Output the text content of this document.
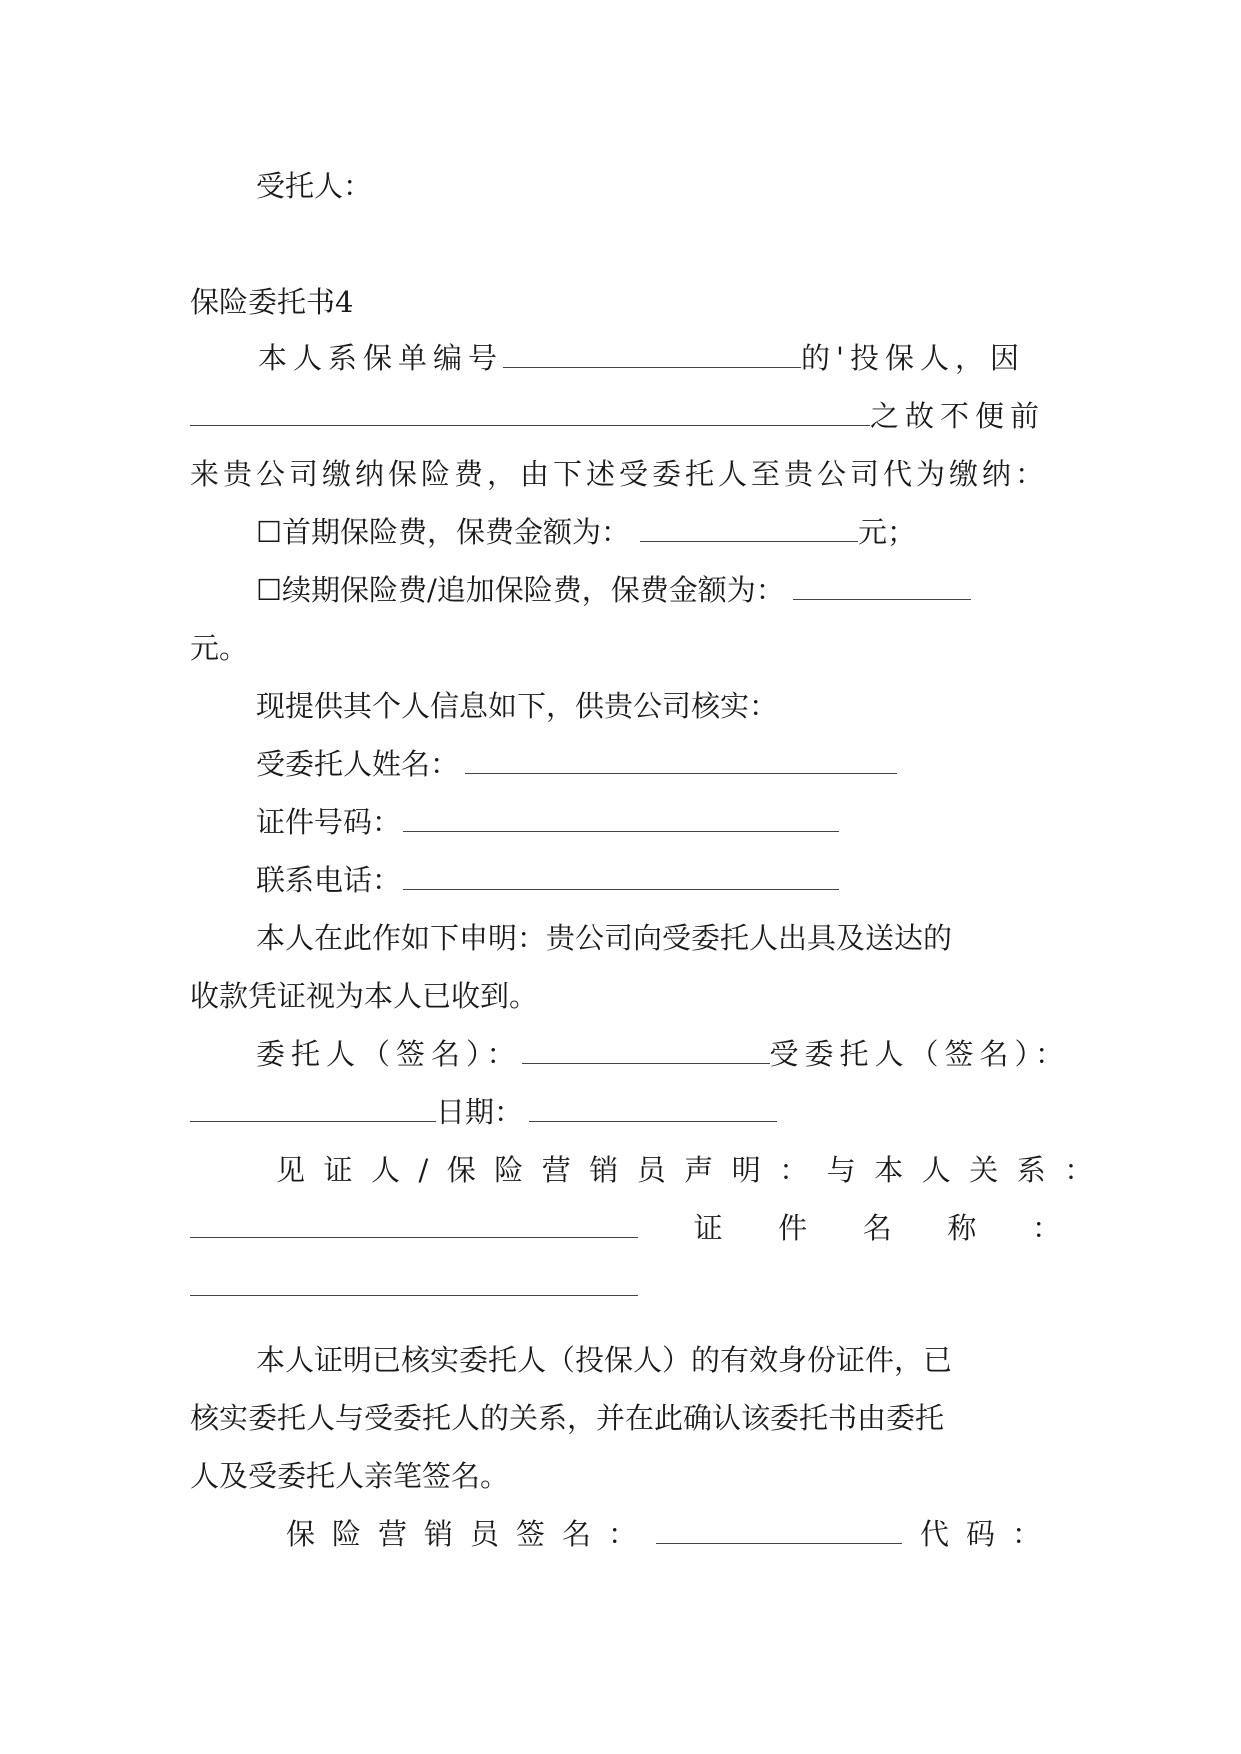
受托人：
保险委托书4
本人系保单编号	的'投保人，因
之故不便前
来贵公司缴纳保险费，由下述受委托人至贵公司代为缴纳：
☐首期保险费，保费金额为：	元；
☐续期保险费/追加保险费，保费金额为：
元。
现提供其个人信息如下，供贵公司核实：
受委托人姓名：
证件号码：
联系电话：
本人在此作如下申明：贵公司向受委托人出具及送达的
收款凭证视为本人已收到。
委托人（签名）：	受委托人（签名）：
日期：
见证人/保险营销员声明：与本人关系：
证 件 名 称 ：
本人证明已核实委托人（投保人）的有效身份证件，已
核实委托人与受委托人的关系，并在此确认该委托书由委托
人及受委托人亲笔签名。
保险营销员签名：	代码：
